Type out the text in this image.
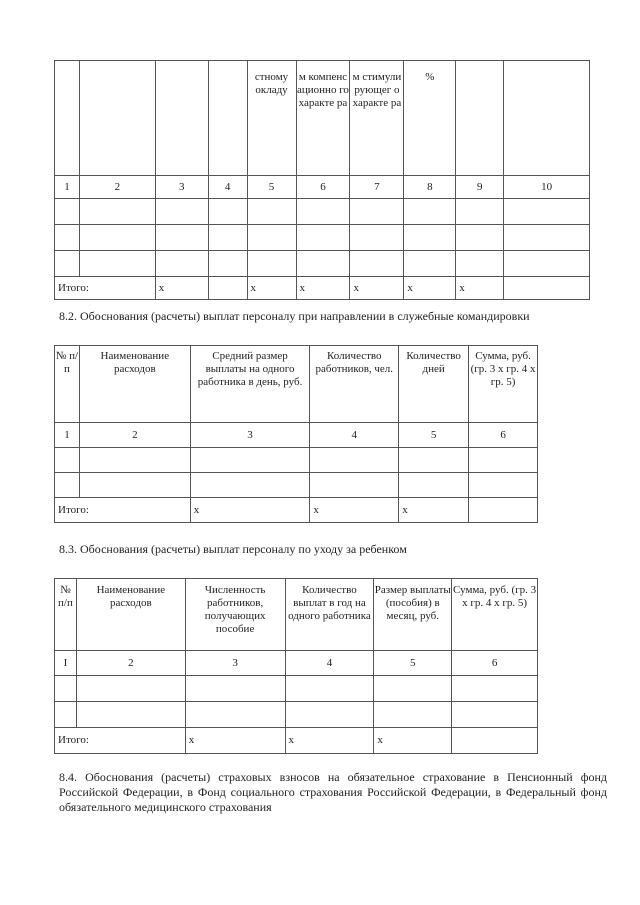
				стному окладу	м компенс ационно го характе ра	м стимули рующег о характе ра	%		
1	2	3	4	5	6	7	8	9	10

Итого:		x		x	x	x	x	x	

8.2. Обоснования (расчеты) выплат персоналу при направлении в служебные командировки

№ п/п	Наименование расходов	Средний размер выплаты на одного работника в день, руб.	Количество работников, чел.	Количество дней	Сумма, руб. (гр. 3 х гр. 4 х гр. 5)
1	2	3	4	5	6

Итого:		x	x	x	

8.3. Обоснования (расчеты) выплат персоналу по уходу за ребенком

№ п/п	Наименование расходов	Численность работников, получающих пособие	Количество выплат в год на одного работника	Размер выплаты (пособия) в месяц, руб.	Сумма, руб. (гр. 3 х гр. 4 х гр. 5)
I	2	3	4	5	6

Итого:		x	x	x	

8.4. Обоснования (расчеты) страховых взносов на обязательное страхование в Пенсионный фонд Российской Федерации, в Фонд социального страхования Российской Федерации, в Федеральный фонд обязательного медицинского страхования
